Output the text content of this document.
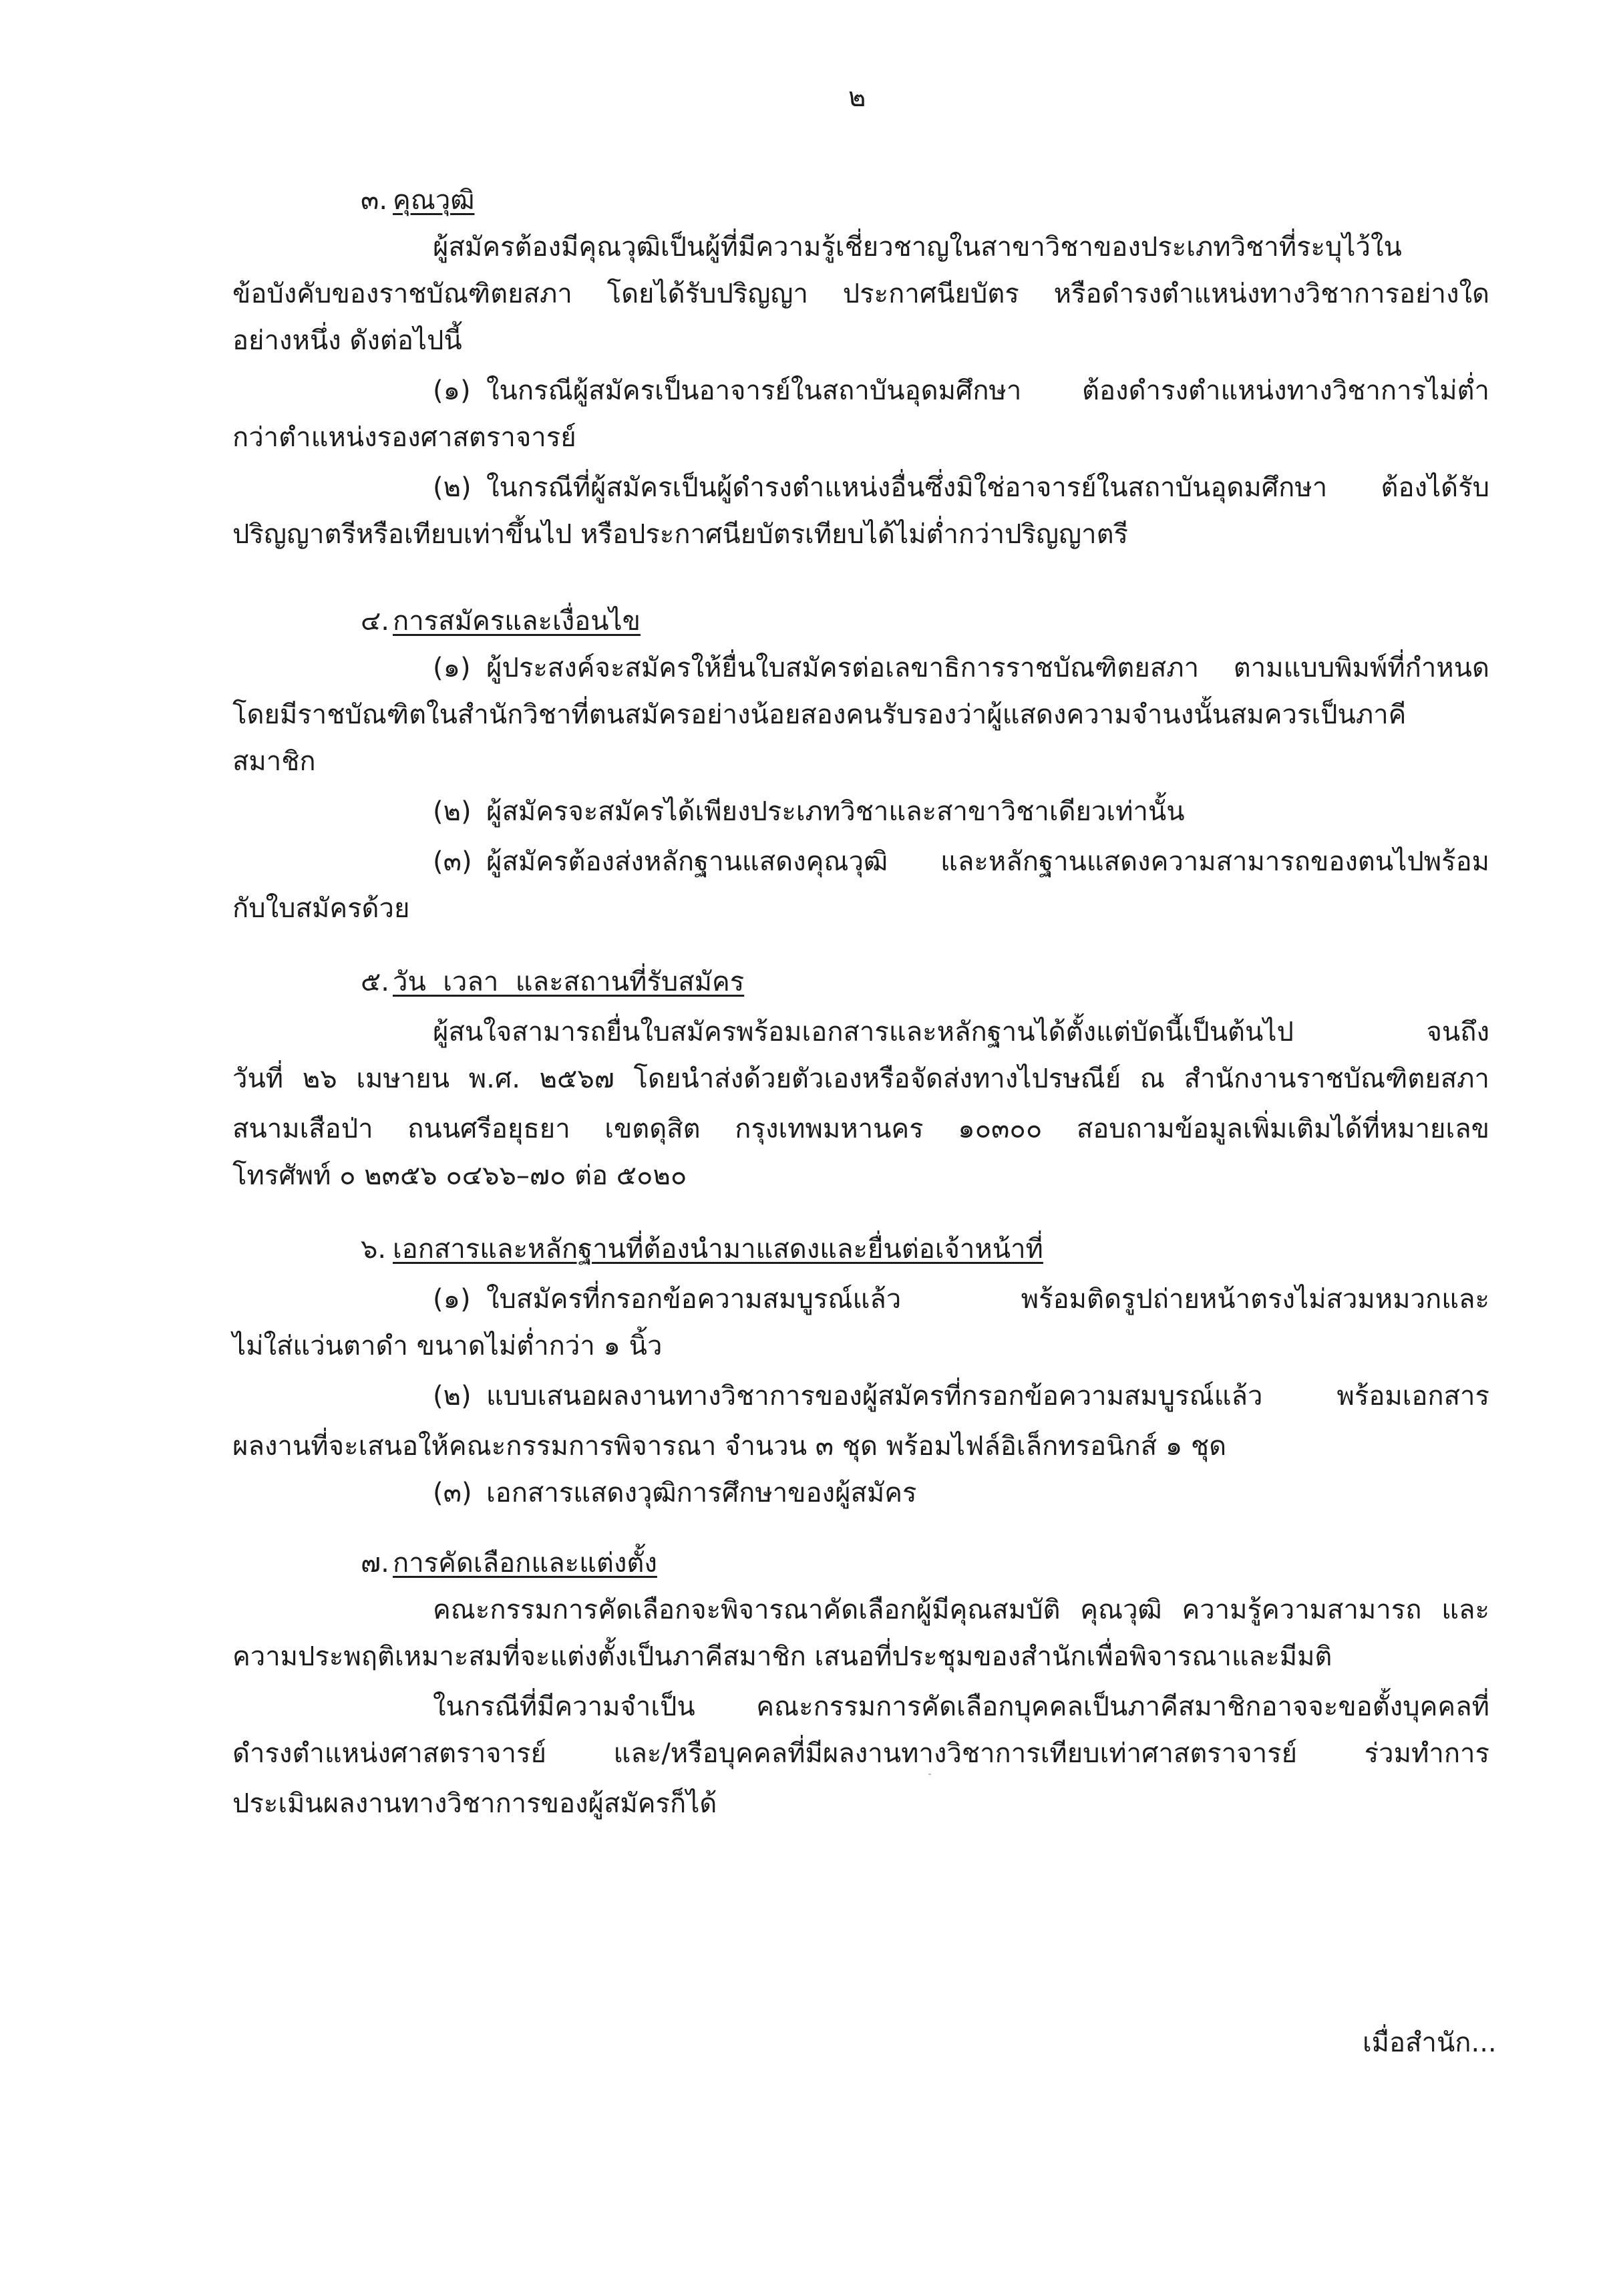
๒
๓. คุณวุฒิ
ผู้สมัครต้องมีคุณวุฒิเป็นผู้ที่มีความรู้เชี่ยวชาญในสาขาวิชาของประเภทวิชาที่ระบุไว้ใน
ข้อบังคับของราชบัณฑิตยสภา โดยได้รับปริญญา ประกาศนียบัตร หรือดำรงตำแหน่งทางวิชาการอย่างใด
อย่างหนึ่ง ดังต่อไปนี้
(๑) ในกรณีผู้สมัครเป็นอาจารย์ในสถาบันอุดมศึกษา ต้องดำรงตำแหน่งทางวิชาการไม่ต่ำ
กว่าตำแหน่งรองศาสตราจารย์
(๒) ในกรณีที่ผู้สมัครเป็นผู้ดำรงตำแหน่งอื่นซึ่งมิใช่อาจารย์ในสถาบันอุดมศึกษา ต้องได้รับ
ปริญญาตรีหรือเทียบเท่าขึ้นไป หรือประกาศนียบัตรเทียบได้ไม่ต่ำกว่าปริญญาตรี
๔. การสมัครและเงื่อนไข
(๑) ผู้ประสงค์จะสมัครให้ยื่นใบสมัครต่อเลขาธิการราชบัณฑิตยสภา ตามแบบพิมพ์ที่กำหนด
โดยมีราชบัณฑิตในสำนักวิชาที่ตนสมัครอย่างน้อยสองคนรับรองว่าผู้แสดงความจำนงนั้นสมควรเป็นภาคี
สมาชิก
(๒) ผู้สมัครจะสมัครได้เพียงประเภทวิชาและสาขาวิชาเดียวเท่านั้น
(๓) ผู้สมัครต้องส่งหลักฐานแสดงคุณวุฒิ และหลักฐานแสดงความสามารถของตนไปพร้อม
กับใบสมัครด้วย
๕. วัน  เวลา  และสถานที่รับสมัคร
ผู้สนใจสามารถยื่นใบสมัครพร้อมเอกสารและหลักฐานได้ตั้งแต่บัดนี้เป็นต้นไป จนถึง
วันที่ ๒๖ เมษายน พ.ศ. ๒๕๖๗ โดยนำส่งด้วยตัวเองหรือจัดส่งทางไปรษณีย์ ณ สำนักงานราชบัณฑิตยสภา
สนามเสือป่า ถนนศรีอยุธยา เขตดุสิต กรุงเทพมหานคร ๑๐๓๐๐ สอบถามข้อมูลเพิ่มเติมได้ที่หมายเลข
โทรศัพท์ ๐ ๒๓๕๖ ๐๔๖๖–๗๐ ต่อ ๕๐๒๐
๖. เอกสารและหลักฐานที่ต้องนำมาแสดงและยื่นต่อเจ้าหน้าที่
(๑) ใบสมัครที่กรอกข้อความสมบูรณ์แล้ว พร้อมติดรูปถ่ายหน้าตรงไม่สวมหมวกและ
ไม่ใส่แว่นตาดำ ขนาดไม่ต่ำกว่า ๑ นิ้ว
(๒) แบบเสนอผลงานทางวิชาการของผู้สมัครที่กรอกข้อความสมบูรณ์แล้ว พร้อมเอกสาร
ผลงานที่จะเสนอให้คณะกรรมการพิจารณา จำนวน ๓ ชุด พร้อมไฟล์อิเล็กทรอนิกส์ ๑ ชุด
(๓) เอกสารแสดงวุฒิการศึกษาของผู้สมัคร
๗. การคัดเลือกและแต่งตั้ง
คณะกรรมการคัดเลือกจะพิจารณาคัดเลือกผู้มีคุณสมบัติ คุณวุฒิ ความรู้ความสามารถ และ
ความประพฤติเหมาะสมที่จะแต่งตั้งเป็นภาคีสมาชิก เสนอที่ประชุมของสำนักเพื่อพิจารณาและมีมติ
ในกรณีที่มีความจำเป็น คณะกรรมการคัดเลือกบุคคลเป็นภาคีสมาชิกอาจจะขอตั้งบุคคลที่
ดำรงตำแหน่งศาสตราจารย์ และ/หรือบุคคลที่มีผลงานทางวิชาการเทียบเท่าศาสตราจารย์ ร่วมทำการ
ประเมินผลงานทางวิชาการของผู้สมัครก็ได้
เมื่อสำนัก...
